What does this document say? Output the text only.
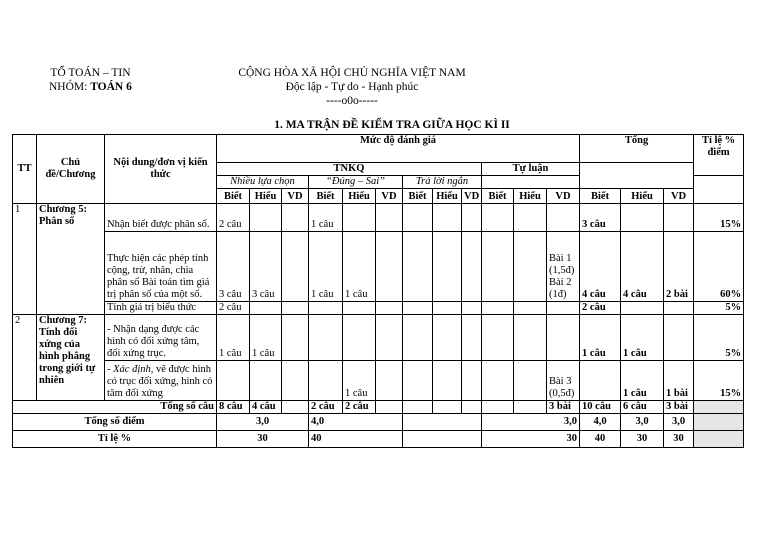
TỔ TOÁN – TIN
NHÓM: TOÁN 6
CỘNG HÒA XÃ HỘI CHỦ NGHĨA VIỆT NAM
Độc lập - Tự do - Hạnh phúc
----o0o-----
1. MA TRẬN ĐỀ KIỂM TRA GIỮA HỌC KÌ II
TT	Chủ đề/Chương	Nội dung/đơn vị kiến thức	Mức độ đánh giá												Tổng			Tỉ lệ % điểm
			TNKQ									Tự luận						
			Nhiều lựa chọn			“Đúng – Sai”			Trả lời ngắn									
			Biết	Hiểu	VD	Biết	Hiểu	VD	Biết	Hiểu	VD	Biết	Hiểu	VD	Biết	Hiểu	VD	
1	Chương 5: Phân số	Nhận biết được phân số.	2 câu			1 câu									3 câu			15%
		Thực hiện các phép tính cộng, trừ, nhân, chia phân số Bài toán tìm giá trị phân số của một số.	3 câu	3 câu		1 câu	1 câu							Bài 1 (1,5đ) Bài 2 (1đ)	4 câu	4 câu	2 bài	60%
		Tính giá trị biểu thức	2 câu												2 câu			5%
2	Chương 7: Tính đối xứng của hình phẳng trong giới tự nhiên	- Nhận dạng được các hình có đối xứng tâm, đối xứng trục.	1 câu	1 câu											1 câu	1 câu		5%
		- Xác định, vẽ được hình có trục đối xứng, hình có tâm đối xứng					1 câu							Bài 3 (0,5đ)		1 câu	1 bài	15%
Tổng số câu			8 câu	4 câu		2 câu	2 câu							3 bài	10 câu	6 câu	3 bài	
Tổng số điểm			3,0			4,0						3,0			4,0	3,0	3,0	
Tỉ lệ %			30			40						30			40	30	30	
